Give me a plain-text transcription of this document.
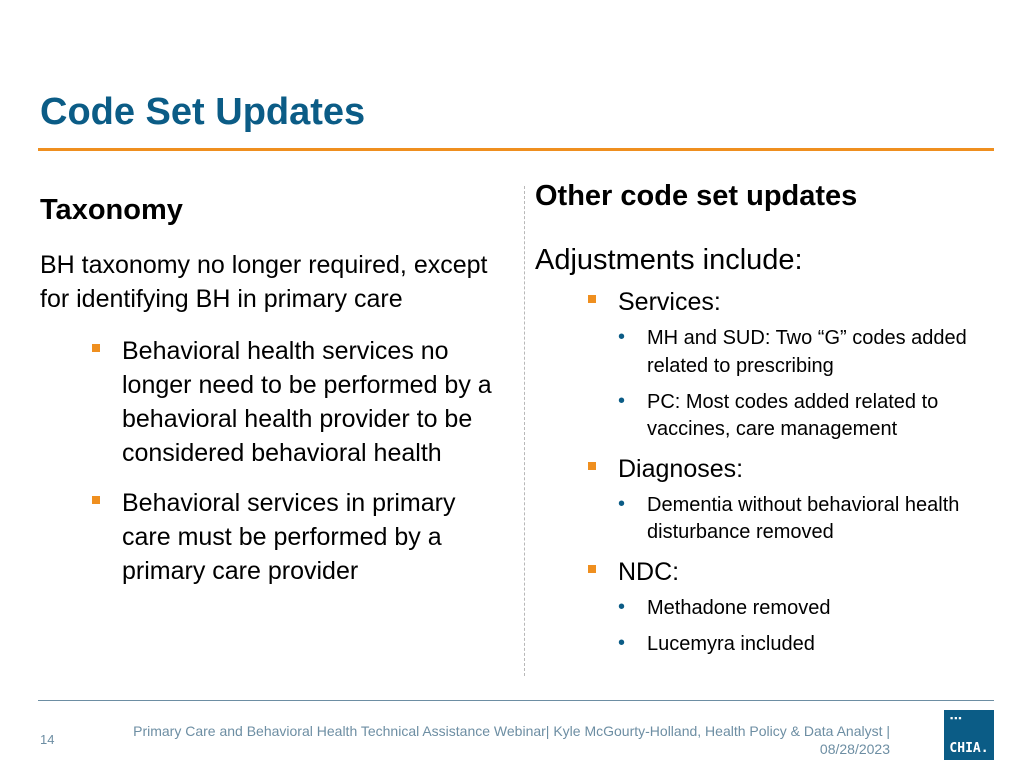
Code Set Updates
Taxonomy

BH taxonomy no longer required, except for identifying BH in primary care

Behavioral health services no longer need to be performed by a behavioral health provider to be considered behavioral health
Behavioral services in primary care must be performed by a primary care provider
Other code set updates

Adjustments include:

Services:
• MH and SUD: Two “G” codes added related to prescribing
• PC: Most codes added related to vaccines, care management
Diagnoses:
• Dementia without behavioral health disturbance removed
NDC:
• Methadone removed
• Lucemyra included
14
Primary Care and Behavioral Health Technical Assistance Webinar| Kyle McGourty-Holland, Health Policy & Data Analyst |
08/28/2023
▪▪▪
CHIA.
